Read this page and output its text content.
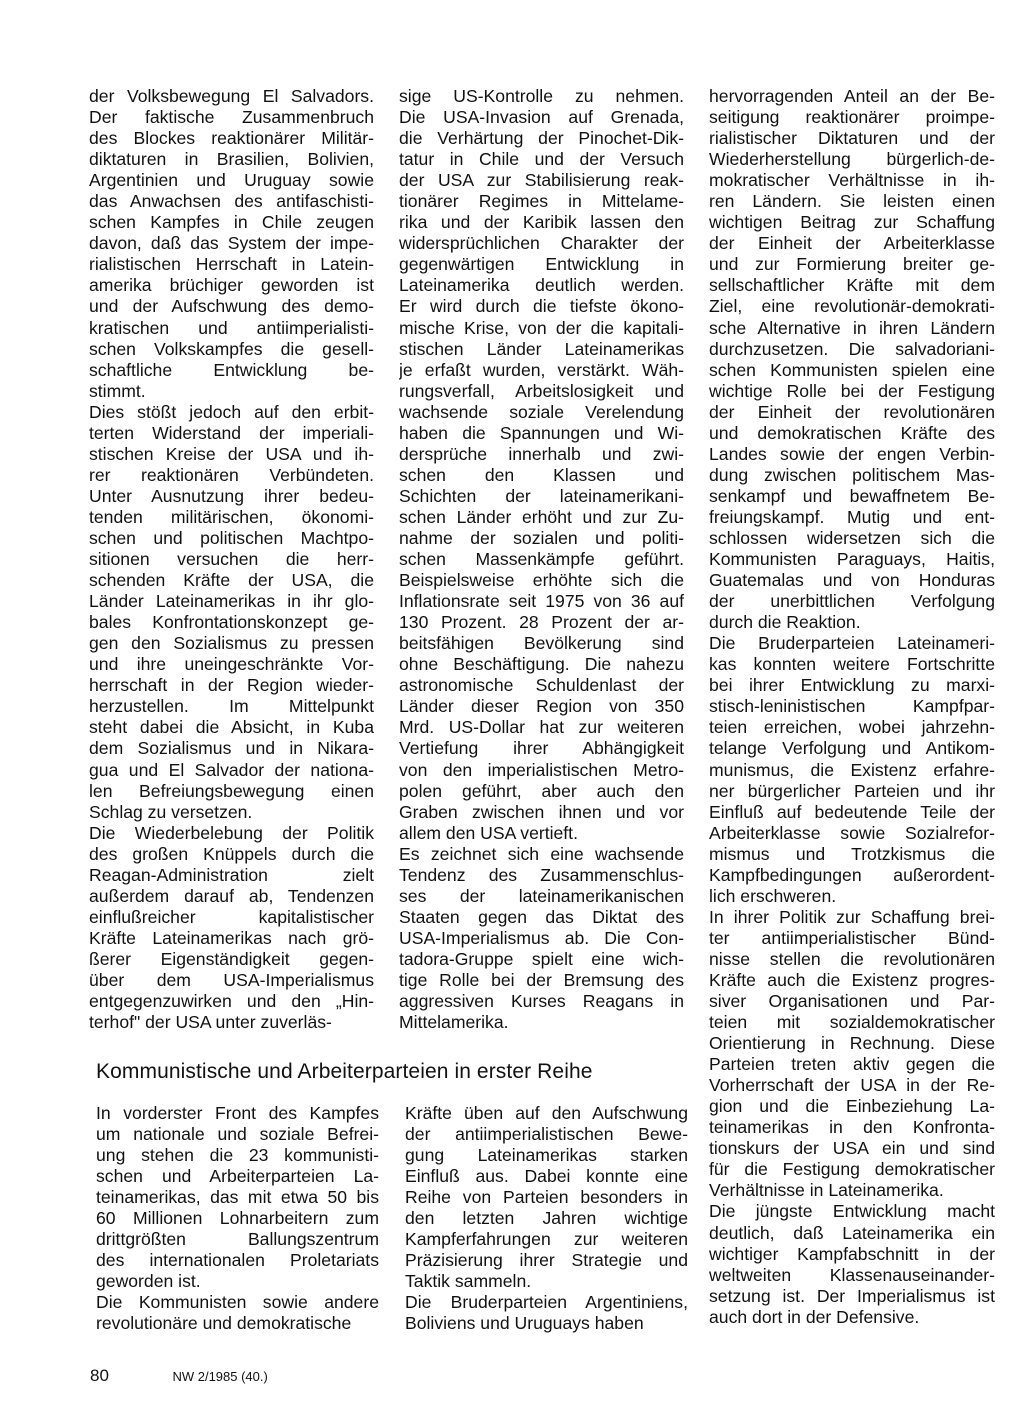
der Volksbewegung El Salvadors.
Der faktische Zusammenbruch
des Blockes reaktionärer Militär-
diktaturen in Brasilien, Bolivien,
Argentinien und Uruguay sowie
das Anwachsen des antifaschisti-
schen Kampfes in Chile zeugen
davon, daß das System der impe-
rialistischen Herrschaft in Latein-
amerika brüchiger geworden ist
und der Aufschwung des demo-
kratischen und antiimperialisti-
schen Volkskampfes die gesell-
schaftliche Entwicklung be-
stimmt.
Dies stößt jedoch auf den erbit-
terten Widerstand der imperiali-
stischen Kreise der USA und ih-
rer reaktionären Verbündeten.
Unter Ausnutzung ihrer bedeu-
tenden militärischen, ökonomi-
schen und politischen Machtpo-
sitionen versuchen die herr-
schenden Kräfte der USA, die
Länder Lateinamerikas in ihr glo-
bales Konfrontationskonzept ge-
gen den Sozialismus zu pressen
und ihre uneingeschränkte Vor-
herrschaft in der Region wieder-
herzustellen. Im Mittelpunkt
steht dabei die Absicht, in Kuba
dem Sozialismus und in Nikara-
gua und El Salvador der nationa-
len Befreiungsbewegung einen
Schlag zu versetzen.
Die Wiederbelebung der Politik
des großen Knüppels durch die
Reagan-Administration zielt
außerdem darauf ab, Tendenzen
einflußreicher kapitalistischer
Kräfte Lateinamerikas nach grö-
ßerer Eigenständigkeit gegen-
über dem USA-Imperialismus
entgegenzuwirken und den „Hin-
terhof" der USA unter zuverläs-
sige US-Kontrolle zu nehmen.
Die USA-Invasion auf Grenada,
die Verhärtung der Pinochet-Dik-
tatur in Chile und der Versuch
der USA zur Stabilisierung reak-
tionärer Regimes in Mittelame-
rika und der Karibik lassen den
widersprüchlichen Charakter der
gegenwärtigen Entwicklung in
Lateinamerika deutlich werden.
Er wird durch die tiefste ökono-
mische Krise, von der die kapitali-
stischen Länder Lateinamerikas
je erfaßt wurden, verstärkt. Wäh-
rungsverfall, Arbeitslosigkeit und
wachsende soziale Verelendung
haben die Spannungen und Wi-
dersprüche innerhalb und zwi-
schen den Klassen und
Schichten der lateinamerikani-
schen Länder erhöht und zur Zu-
nahme der sozialen und politi-
schen Massenkämpfe geführt.
Beispielsweise erhöhte sich die
Inflationsrate seit 1975 von 36 auf
130 Prozent. 28 Prozent der ar-
beitsfähigen Bevölkerung sind
ohne Beschäftigung. Die nahezu
astronomische Schuldenlast der
Länder dieser Region von 350
Mrd. US-Dollar hat zur weiteren
Vertiefung ihrer Abhängigkeit
von den imperialistischen Metro-
polen geführt, aber auch den
Graben zwischen ihnen und vor
allem den USA vertieft.
Es zeichnet sich eine wachsende
Tendenz des Zusammenschlus-
ses der lateinamerikanischen
Staaten gegen das Diktat des
USA-Imperialismus ab. Die Con-
tadora-Gruppe spielt eine wich-
tige Rolle bei der Bremsung des
aggressiven Kurses Reagans in
Mittelamerika.
hervorragenden Anteil an der Be-
seitigung reaktionärer proimpe-
rialistischer Diktaturen und der
Wiederherstellung bürgerlich-de-
mokratischer Verhältnisse in ih-
ren Ländern. Sie leisten einen
wichtigen Beitrag zur Schaffung
der Einheit der Arbeiterklasse
und zur Formierung breiter ge-
sellschaftlicher Kräfte mit dem
Ziel, eine revolutionär-demokrati-
sche Alternative in ihren Ländern
durchzusetzen. Die salvadoriani-
schen Kommunisten spielen eine
wichtige Rolle bei der Festigung
der Einheit der revolutionären
und demokratischen Kräfte des
Landes sowie der engen Verbin-
dung zwischen politischem Mas-
senkampf und bewaffnetem Be-
freiungskampf. Mutig und ent-
schlossen widersetzen sich die
Kommunisten Paraguays, Haitis,
Guatemalas und von Honduras
der unerbittlichen Verfolgung
durch die Reaktion.
Die Bruderparteien Lateinameri-
kas konnten weitere Fortschritte
bei ihrer Entwicklung zu marxi-
stisch-leninistischen Kampfpar-
teien erreichen, wobei jahrzehn-
telange Verfolgung und Antikom-
munismus, die Existenz erfahre-
ner bürgerlicher Parteien und ihr
Einfluß auf bedeutende Teile der
Arbeiterklasse sowie Sozialrefor-
mismus und Trotzkismus die
Kampfbedingungen außerordent-
lich erschweren.
In ihrer Politik zur Schaffung brei-
ter antiimperialistischer Bünd-
nisse stellen die revolutionären
Kräfte auch die Existenz progres-
siver Organisationen und Par-
teien mit sozialdemokratischer
Orientierung in Rechnung. Diese
Parteien treten aktiv gegen die
Vorherrschaft der USA in der Re-
gion und die Einbeziehung La-
teinamerikas in den Konfronta-
tionskurs der USA ein und sind
für die Festigung demokratischer
Verhältnisse in Lateinamerika.
Die jüngste Entwicklung macht
deutlich, daß Lateinamerika ein
wichtiger Kampfabschnitt in der
weltweiten Klassenauseinander-
setzung ist. Der Imperialismus ist
auch dort in der Defensive.
Kommunistische und Arbeiterparteien in erster Reihe
In vorderster Front des Kampfes
um nationale und soziale Befrei-
ung stehen die 23 kommunisti-
schen und Arbeiterparteien La-
teinamerikas, das mit etwa 50 bis
60 Millionen Lohnarbeitern zum
drittgrößten Ballungszentrum
des internationalen Proletariats
geworden ist.
Die Kommunisten sowie andere
revolutionäre und demokratische
Kräfte üben auf den Aufschwung
der antiimperialistischen Bewe-
gung Lateinamerikas starken
Einfluß aus. Dabei konnte eine
Reihe von Parteien besonders in
den letzten Jahren wichtige
Kampferfahrungen zur weiteren
Präzisierung ihrer Strategie und
Taktik sammeln.
Die Bruderparteien Argentiniens,
Boliviens und Uruguays haben
80	NW 2/1985 (40.)
